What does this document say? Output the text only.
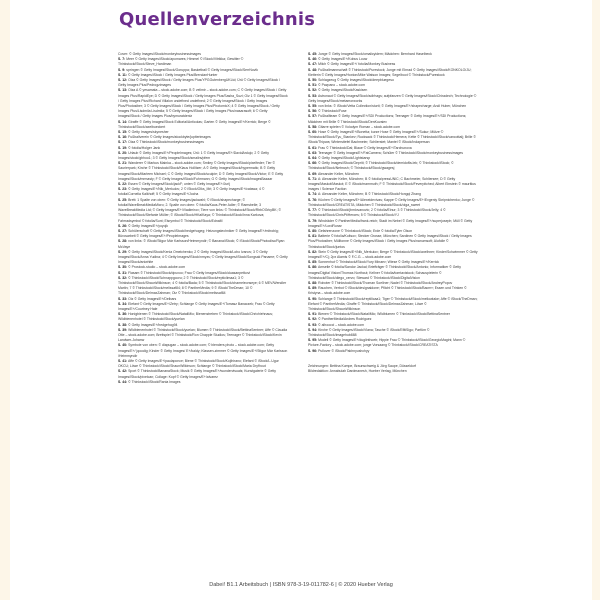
Quellenverzeichnis

Cover: © Getty Images/iStock/monkeybusinessimages

S. 7: Meer © Getty Images/iStock/apomares; Himmel © iStock/Vitrikka; Gewitter © Thinkstock/iStock/Steve_Hardiman

S. 9: springen © Getty Images/iStock/Goruppa; Basketball © Getty Images/iStock/SerrNovik

S. 11: © Getty Images/iStock / Getty Images Plus/BrendanHunter

S. 12: Oiza © Getty Images/iStock / Getty Images Plus/YPGGutenbergUKLtd; Ürü © Getty Images/iStock / Getty Images Plus/Pedrogzimages

S. 13: Oiza A © yesamata – stock.adobe.com; B © velimir – stock.adobe.com; C © Getty Images/iStock / Getty Images Plus/RapidEye; D © Getty Images/iStock / Getty Images Plus/Sasha_Suzi; Oiz 1 © Getty Images/iStock / Getty Images Plus/Richard Villalon undefined undefined; 2 © Getty Images/iStock / Getty Images Plus/Photosiber; 3 © Getty Images/iStock / Getty Images Plus/PhotomicX; 4 © Getty Images/iStock / Getty Images Plus/Lisdmila Lisdmila; 5 © Getty Images/iStock / Getty Images Plus/nasarasoft; 6 © Getty Images/iStock / Getty Images Plus/bymuratdeniz

S. 14: Giraffe © Getty Images/iStock Editorial/Anticolas; Garten © Getty Images/E+/Kerrick; Berge © Thinkstock/iStock/axelbueckert

S. 15: © Getty Images/skynesher

S. 16: Fußballverein © Getty Images/stockbyte/jupiterimages

S. 17: Oiza © Thinkstock/iStock/monkeybusinessimages

S. 19: © fotolia/Holger Jank

S. 20: Urlaub © Getty Images/E+/PeopleImages; Ürü: 1 © Getty Images/E+/DavidArdujo; 2 © Getty Images/stock/gbhoo1; 3 © Getty Images/iStock/smailrs/pfem

S. 21: Wanderer © Markus Mainka – stock.adobe.com; Smiley © Getty Images/iStock/pixelfeder; Tier © Saurierpark; Kirche © Thinkstock/iStock/Klaus Hollitzer; A © Getty Images/iStock/hypermatic; B © Getty Images/iStock/Marleen Michael; C © Getty Images/iStock/sculpie; D © Getty Images/iStock/Victor; E © Getty Images/iStock/mrmasty; F © Getty Images/iStock/Fuhrmann; G © Getty Images/iStock/imagesBazaar

S. 22: Essen © Getty Images/iStock/jackF; unten © Getty Images/E+/Jurij

S. 23: © Getty Images/E+/Nik_Merkulov; 2 © iStock/Olks_Mri; 3 © Getty Images/E+/catawa; 4 © fotolia/Cornelia Kalkhoff; 5 © Getty Images/E+/Jocha

S. 25: Brett: 1 Spalte von oben: © Getty Images/jackwahl; © iStock/shapecharge; © fotolia/WaveBreakMediaMicro; 2. Spalte von oben: © fotolia/Kaus-Peter Adler; © Ramsbelle; 3 WaveBreakMedia Ltd; © Getty Images/E+/Vladimirov; Tiere von links: © Thinkstock/iStock/RbbOGrkyBK; © Thinkstock/iStock/Stefanie Müller; © iStock/iStock/HKalKaya; © Thinkstock/iStock/Inna Karkova; Fahrradsymbol © fotolia/Sunt; Eisrymbol © Thinkstock/iStock/EdnaM

S. 26: © Getty Images/E+/yoyojk

S. 27: Schülerschaft © Getty Images/iStock/hedgehogeg; Heizungstechniker © Getty Images/E+/mitrobig; Bürosarbeit © Getty Images/E+/PeopleImages

S. 28: von links: © iStock/Stigur Már Karlsson/Heimmyndir; © Banana/iStock; © iStock/iStock/Photodisc/Ryan McVaye

S. 29: © Getty Images/iStock/Kenia Omelchenko; 2 © Getty Images/iStock/Lobo Ivanov; 3 © Getty Images/iStock/Anna Yudina; 4 © Getty Images/iStock/nmyzs; © Getty Images/iStock/Songsak Paname; © Getty Images/iStock/aniwhite

S. 30: © Prostock-studio – stock.adobe.com

S. 31: Flasam © Thinkstock/iStock/dpuxoo; Frau © Getty Images/iStock/duasanpetkovi

S. 32: © Thinkstock/iStock/Schnappgooru; 2 © Thinkstock/iStock/repticlimaa1; 3 © Thinkstock/iStock/ShaunWilkinson; 4 © fotolia/Bada; 5 © Thinkstock/iStock/chameleonseye; 6 © MEV/Wendler Martin; 7 © Thinkstock/iStock/melissaf84; 8 © PantherMedia; 9 © iStock/TheDman; 10 © Thinkstock/iStock/DelmaxZahman; Oiz © Thinkstock/iStock/melissaf84

S. 33: Oiz © Getty Images/E+/Delbars

S. 34: Elefant © Getty Images/E+/Zetry; Schlange © Getty Images/E+/Tomasz Banaczek; Frau © Getty Images/E+/Courtney Hale

S. 36: Honigbienen © Thinkstock/iStock/NataliMio; Bienenstreben © Thinkstock/iStock/Chrichiehnaus; Wildbienenhotel © Thinkstock/iStock/yuelan

S. 38: © Getty Images/E+/hedgehog94

S. 39: Wildbienenhotel © Thinkstock/iStock/yuelan; Blumen © Thinkstock/iStock/BettinaSentner; Affe © Claudia Otte – stock.adobe.com; Brettspiel © Thinkstock/Ron Chapple Studios; Teenager © Thinkstock/iStock/Kevin Landwer-Johanw

S. 40: Symbole von oben: © diapugan – stock.adobe.com; © blenders photo – stock.adobe.com; Getty Images/E+/ jqoodig; Kinder © Getty Images/ E+/kaldy; Klassen-zimmer © Getty Images/E+/Stigur Már Karlsson /Heimmyndir

S. 41: Affe © Getty Images/E+/paulaponce; Biene © Thinkstock/iStock/Kojihirano; Elefant © iStock/L-Ugur OKCU; Löwe © Thinkstock/iStock/ShaunWilkinson; Schlange © Thinkstock/iStock/Maria Dryfhout

S. 42: Sport © Thinkstock/BananaStock; Musik © Getty Images/E+/wundervisuals; Kunstgalerie © Getty Images/iStock/pixelcan; Collage: Kopf © Getty Images/E+/alvarez

S. 44: © Thinkstock/iStock/Rania Images

S. 45: Junge © Getty Images/iStock/omalicyidem; Mädchen: Bernhard Haselbeck

S. 46: © Getty Images/E+/Kobus Louw

S. 47: Milch © Getty Images/E+/ fotolia/Monkey Business

S. 48: Fußballmannschaft © Thinkstock/Purestock; Junge mit Einrad © Getty Images/iStock/KONKOLO/JU; Kletterin © Getty Images/Hoxton/Mike Watson Images; Segelboot © Thinkstock/Purestock

S. 50: Schlagzeug © Getty Images/iStock/deepbluegeso

S. 51: © Pazpano – stock.adobe.com

S. 52: © Getty Images/iStock/Kaskisen

S. 53: Astronaut © Getty Images/iStock/sdirhags; aufpfanzen © Getty Images/iStock/Chiradech; Technologie © Getty Images/iStock/metamorworks

S. 55: von links: © iStock/Vetta Collection/sturti; © Getty Images/E+/shapecharge; Andi Huber, München

S. 56: © Thinkstock/Fuse

S. 57: Fußballteam © Getty Images/E+/SDI Productions; Teenager © Getty Images/E+/SDI Productions; Mädchen mit Brille © Thinkstock/iStock/DenKuvaiev

S. 58: Gitarre spielen © Volodym Roman – stock.adobe.com

S. 60: Hose © Getty Images/E+/Bonetta; kurze Hose © Getty Images/E+/Sukur; Mütze © Thinkstock/iStock/Tyu_Stankev; Rucksack © Thinkstock/Hemera; Kette © Thinkstock/iStock/vancottalj; Brille © iStock/Thipwa; Winterstiefel Bachmeier, Schlierstet; Mantel © iStock/Indapersan

S. 61: Frau © Thinkstock/Dal; Blaue © Getty Images/E+/Tarchunova

S. 63: Teenager © Getty Images/E+/FatCamera; Schüler © Thinkstock/iStock/monkeybusinessimages

S. 64: © Getty Images/iStock/Lightstarsp

S. 66: © Getty Images/iStock/Gepriti; © Thinkstock/iStock/demidoffa-lek; © Thinkstock/iStock; © Thinkstock/iStock/Nebrush; © Thinkstock/iStock/gwagesj

S. 69: Alexander Keller, München

S. 71: A: Alexander Keller, München; B © fotolia/pressUNIC; C Bachmeier, Schliersee; D © Getty Images/Maskot/Maskot; E © iStock/mammuth; F © Thinkstock/iStock/Feverpitched; Albert Einstein © mauritius images / Science Faction

S. 74: A: Alexander Keller, München; B © Thinkstock/iStock/Hongqi Zhang

S. 76: Küchen © Getty Images/E+/Alexeidevivas; Kappe © Getty Images/E+/Evgeniy Skripnichenko; Junge © Thinkstock/iStock/CREATISTA; Mädchen © Thinkstock/iStock/olga_sweet

S. 77: © Thinkstock/iStock/jbmlovanovic; 2 © fotolia/Einur; 3 © Thinkstock/iStock/Jelly; 4 © Thinkstock/iStock/ChrisPtiHeroes; 5 © Thinkstock/iStock/YJ

S. 79: Windräder © PantherMedia/frank-reich; Stadt im Nebel © Getty Images/E+/superjoseph; Müll © Getty Images/E+/LordRunar

S. 80: Gefahrenzone © Thinkstock/iStock; Erde © fotolia/Tyler Olson

S. 81: Batterie © fotolia/Koltsov; Stecker Grosse, München; Sardinen © Getty Images/iStock / Getty Images Plus/Photosiber; Mülltonne © Getty Images/iStock / Getty Images Plus/nanumsoft; Alufolie © Thinkstock/iStock/juntos

S. 82: Stein © Getty Images/E+/Nik_Merkulov; Berge © Thinkstock/iStock/axelhner; Kinder/Schwimmer © Getty Images/E+/Cj; 2px Alamis © F.C.G. – stock.adobe.com

S. 85: Sonnenhut © Thinkstock/iStock/Yury Minaev; Wiese © Getty Images/E+/Kerrick

S. 86: Amselle © fotolia/Sandor Jackal; Briefträger © Thinkstock/iStock/Antonio; Informatiker © Getty Images/Digital Vision/Thomas Northcut; Kellner © fotolia/tomtaxistock; Schauspielerin © Thinkstock/iStock/diego_cervo; Steward © Thinkstock/iStock/DigitalVision

S. 88: Roboter © Thinkstock/iStock/Thoman Soellner; Nadel © Thinkstock/iStock/AndreyPopov

S. 89: Rauchen, Verbot © iStock/designaldone; Pflicht © Thinkstock/iStock/Bacrrrr; Essen und Trinken © Kristyna – stock.adobe.com

S. 90: Schlange © Thinkstock/iStock/reptilicaa1; Tiger © Thinkstock/iStock/mellowlake; Affe © iStock/TheDman; Elefant © PantherMedia; Giraffe © Thinkstock/iStock/DelmaxZahman; Löwe © Thinkstock/iStock/ShaunWilkinson

S. 91: Bienen © Thinkstock/iStock/NataliMio; Wildblumen © Thinkstock/iStock/BettinaSentner

S. 92: © PantherMedia/Andres Rodriguez

S. 93: © alhoocci – stock.adobe.com

S. 94: Kirche © Getty Images/iStock/Vlana; Tasche © iStock/EfitiSigo; Parfüm © Thinkstock/iStock/imagehub888

S. 95: Modell © Getty Images/E+/duglinthoeb; Hippie Frau © Thinkstock/iStock/GeorgioMagini; Mann © Picture-Factory – stock.adobe.com; junge Vorsaang © Thinkstock/iStock/CREATISTA

S. 96: Pullover © iStock/Pakhnyushchyy

Zeichnungen: Bettina Kumpe, Braunschweig & Jörg Saupe, Düsseldorf

Bildredaktion: Annabulah Dardmanesh, Hueber Verlag, München

Dabei! B1.1 Arbeitsbuch | ISBN 978-3-19-011782-6 | © 2020 Hueber Verlag
